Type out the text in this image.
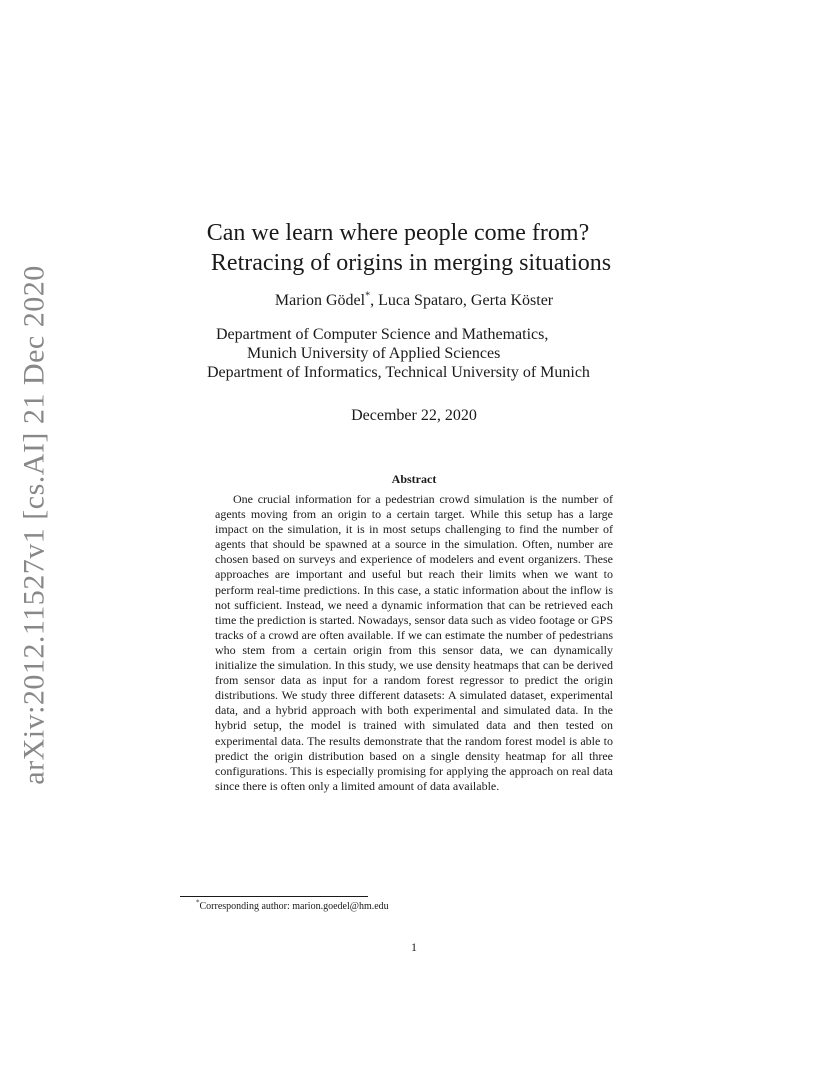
arXiv:2012.11527v1 [cs.AI] 21 Dec 2020
Can we learn where people come from?
Retracing of origins in merging situations
Marion Gödel*, Luca Spataro, Gerta Köster
Department of Computer Science and Mathematics,
Munich University of Applied Sciences
Department of Informatics, Technical University of Munich
December 22, 2020
Abstract

One crucial information for a pedestrian crowd simulation is the number of agents moving from an origin to a certain target. While this setup has a large impact on the simulation, it is in most setups challenging to find the number of agents that should be spawned at a source in the simulation. Often, number are chosen based on surveys and experience of modelers and event organizers. These approaches are important and useful but reach their limits when we want to perform real-time predictions. In this case, a static information about the inflow is not sufficient. Instead, we need a dynamic information that can be retrieved each time the prediction is started. Nowadays, sensor data such as video footage or GPS tracks of a crowd are often available. If we can estimate the number of pedestrians who stem from a certain origin from this sensor data, we can dynamically initialize the simulation. In this study, we use density heatmaps that can be derived from sensor data as input for a random forest regressor to predict the origin distributions. We study three different datasets: A simulated dataset, experimental data, and a hybrid approach with both experimental and simulated data. In the hybrid setup, the model is trained with simulated data and then tested on experimental data. The results demonstrate that the random forest model is able to predict the origin distribution based on a single density heatmap for all three configurations. This is especially promising for applying the approach on real data since there is often only a limited amount of data available.

*Corresponding author: marion.goedel@hm.edu
1
